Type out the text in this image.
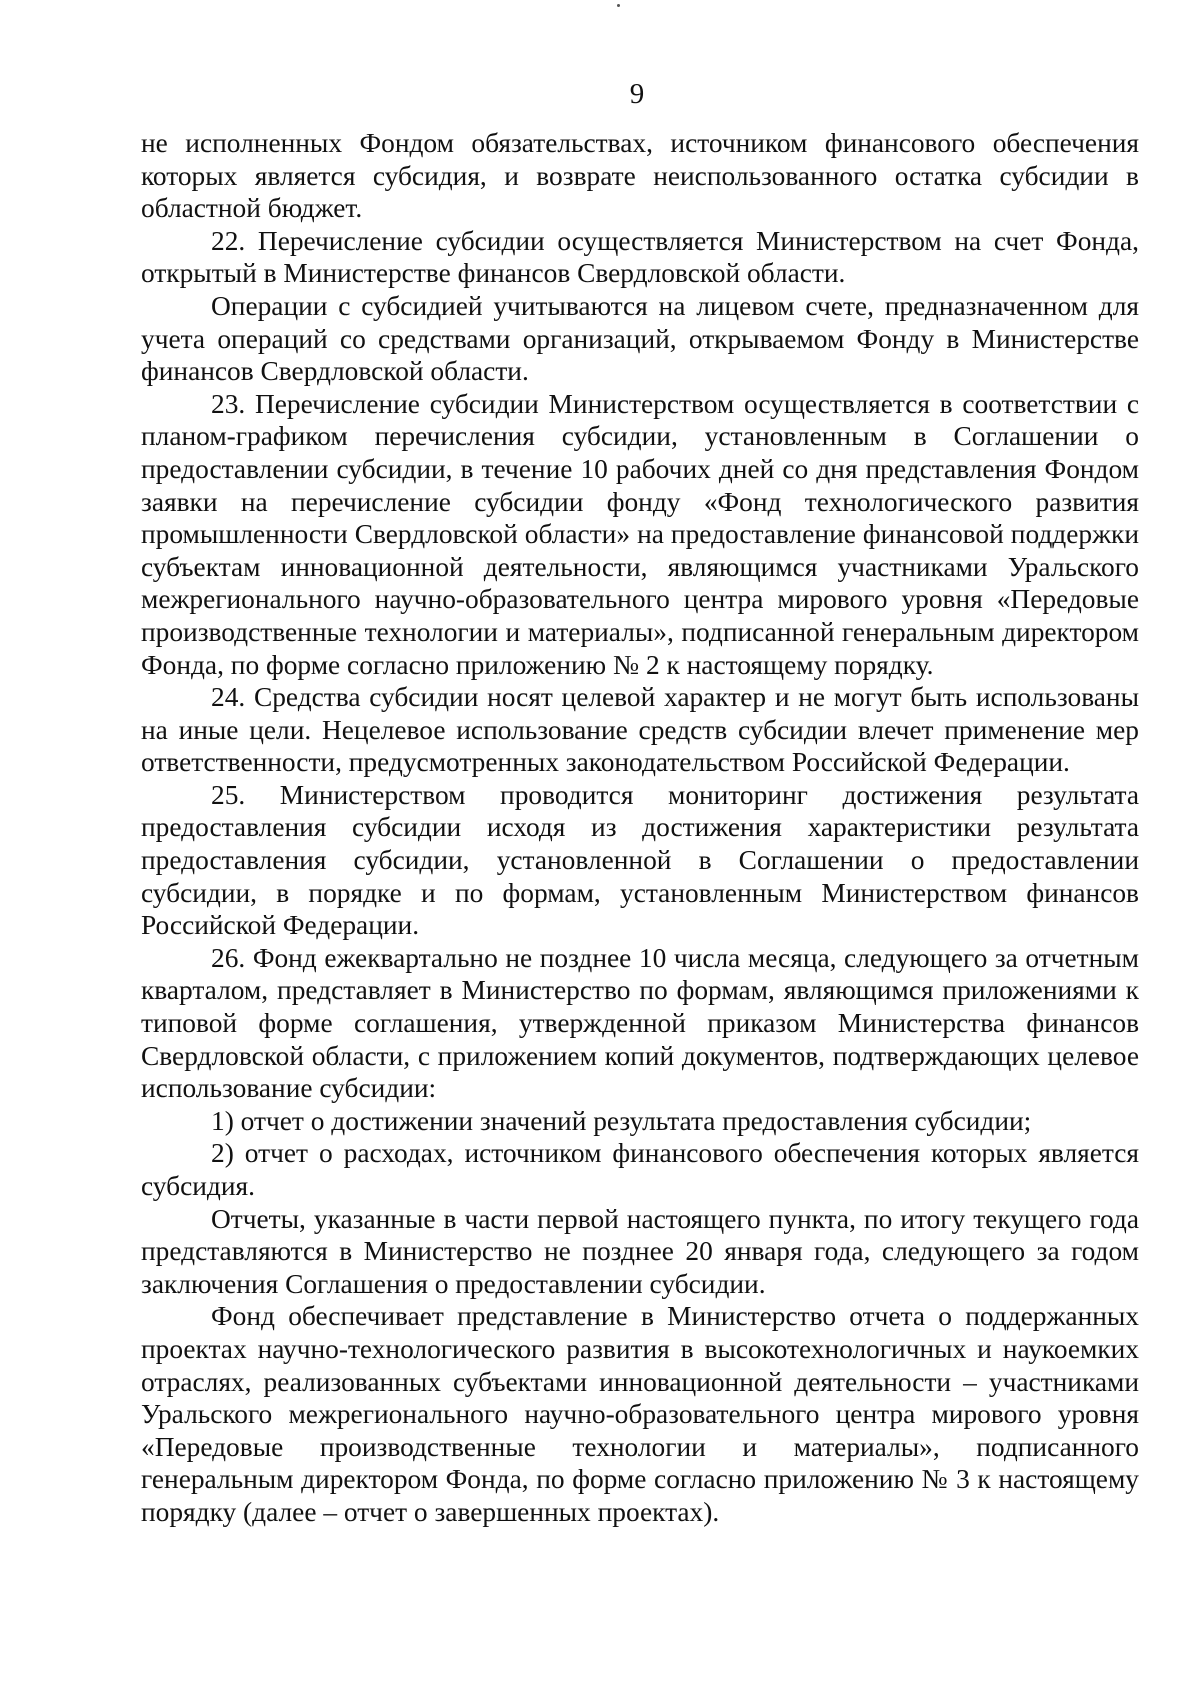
9

не исполненных Фондом обязательствах, источником финансового обеспечения которых является субсидия, и возврате неиспользованного остатка субсидии в областной бюджет.

22. Перечисление субсидии осуществляется Министерством на счет Фонда, открытый в Министерстве финансов Свердловской области.

Операции с субсидией учитываются на лицевом счете, предназначенном для учета операций со средствами организаций, открываемом Фонду в Министерстве финансов Свердловской области.

23. Перечисление субсидии Министерством осуществляется в соответствии с планом-графиком перечисления субсидии, установленным в Соглашении о предоставлении субсидии, в течение 10 рабочих дней со дня представления Фондом заявки на перечисление субсидии фонду «Фонд технологического развития промышленности Свердловской области» на предоставление финансовой поддержки субъектам инновационной деятельности, являющимся участниками Уральского межрегионального научно-образовательного центра мирового уровня «Передовые производственные технологии и материалы», подписанной генеральным директором Фонда, по форме согласно приложению № 2 к настоящему порядку.

24. Средства субсидии носят целевой характер и не могут быть использованы на иные цели. Нецелевое использование средств субсидии влечет применение мер ответственности, предусмотренных законодательством Российской Федерации.

25. Министерством проводится мониторинг достижения результата предоставления субсидии исходя из достижения характеристики результата предоставления субсидии, установленной в Соглашении о предоставлении субсидии, в порядке и по формам, установленным Министерством финансов Российской Федерации.

26. Фонд ежеквартально не позднее 10 числа месяца, следующего за отчетным кварталом, представляет в Министерство по формам, являющимся приложениями к типовой форме соглашения, утвержденной приказом Министерства финансов Свердловской области, с приложением копий документов, подтверждающих целевое использование субсидии:

1) отчет о достижении значений результата предоставления субсидии;

2) отчет о расходах, источником финансового обеспечения которых является субсидия.

Отчеты, указанные в части первой настоящего пункта, по итогу текущего года представляются в Министерство не позднее 20 января года, следующего за годом заключения Соглашения о предоставлении субсидии.

Фонд обеспечивает представление в Министерство отчета о поддержанных проектах научно-технологического развития в высокотехнологичных и наукоемких отраслях, реализованных субъектами инновационной деятельности – участниками Уральского межрегионального научно-образовательного центра мирового уровня «Передовые производственные технологии и материалы», подписанного генеральным директором Фонда, по форме согласно приложению № 3 к настоящему порядку (далее – отчет о завершенных проектах).
